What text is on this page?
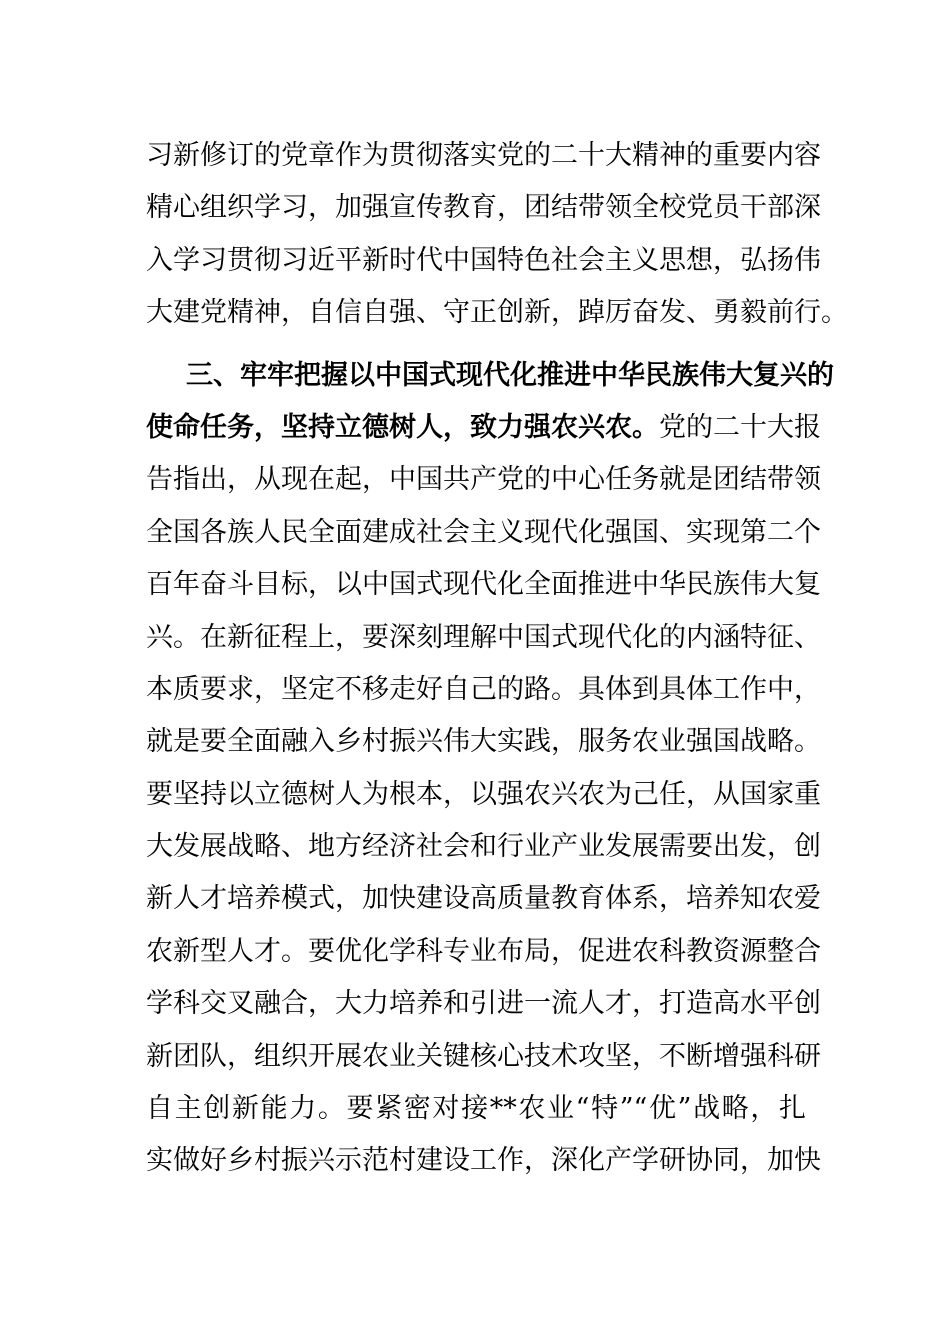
习新修订的党章作为贯彻落实党的二十大精神的重要内容
精心组织学习，加强宣传教育，团结带领全校党员干部深
入学习贯彻习近平新时代中国特色社会主义思想，弘扬伟
大建党精神，自信自强、守正创新，踔厉奋发、勇毅前行。
三、牢牢把握以中国式现代化推进中华民族伟大复兴的
使命任务，坚持立德树人，致力强农兴农。党的二十大报
告指出，从现在起，中国共产党的中心任务就是团结带领
全国各族人民全面建成社会主义现代化强国、实现第二个
百年奋斗目标，以中国式现代化全面推进中华民族伟大复
兴。在新征程上，要深刻理解中国式现代化的内涵特征、
本质要求，坚定不移走好自己的路。具体到具体工作中，
就是要全面融入乡村振兴伟大实践，服务农业强国战略。
要坚持以立德树人为根本，以强农兴农为己任，从国家重
大发展战略、地方经济社会和行业产业发展需要出发，创
新人才培养模式，加快建设高质量教育体系，培养知农爱
农新型人才。要优化学科专业布局，促进农科教资源整合
学科交叉融合，大力培养和引进一流人才，打造高水平创
新团队，组织开展农业关键核心技术攻坚，不断增强科研
自主创新能力。要紧密对接**农业“特”“优”战略，扎
实做好乡村振兴示范村建设工作，深化产学研协同，加快
